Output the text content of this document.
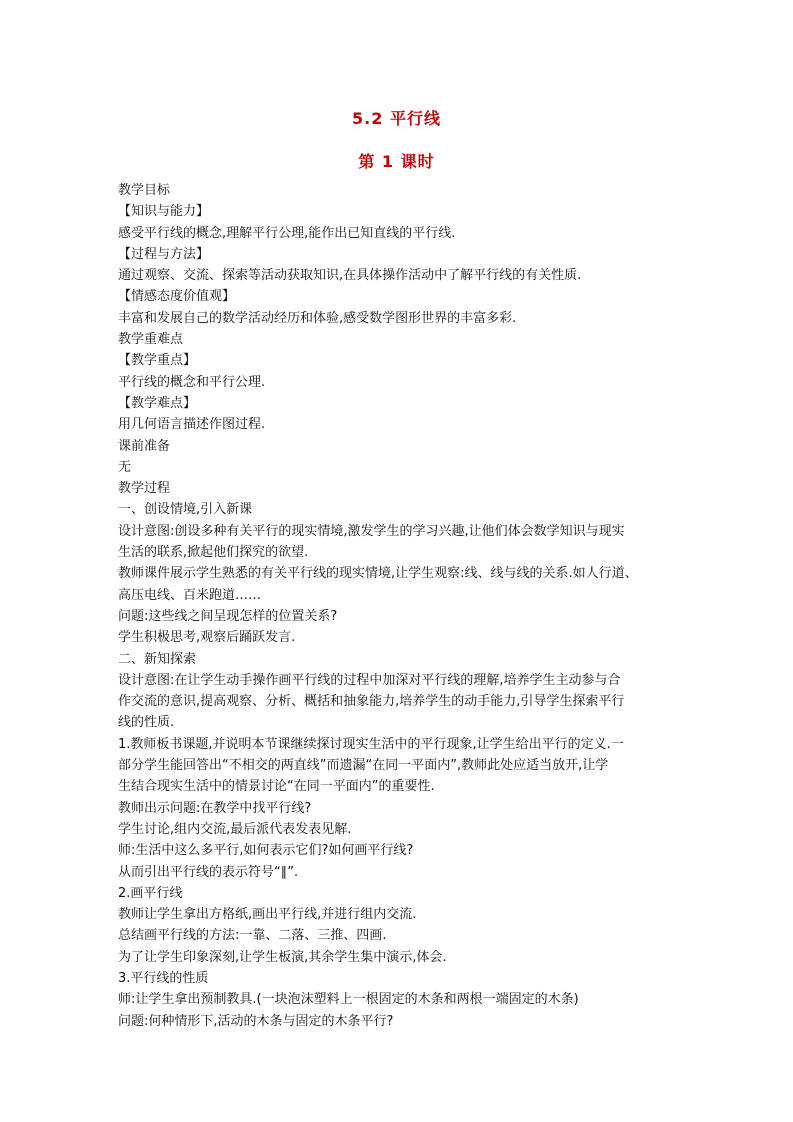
5.2 平行线
第 1 课时
教学目标
【知识与能力】
感受平行线的概念,理解平行公理,能作出已知直线的平行线.
【过程与方法】
通过观察、交流、探索等活动获取知识,在具体操作活动中了解平行线的有关性质.
【情感态度价值观】
丰富和发展自己的数学活动经历和体验,感受数学图形世界的丰富多彩.
教学重难点
【教学重点】
平行线的概念和平行公理.
【教学难点】
用几何语言描述作图过程.
课前准备
无
教学过程
一、创设情境,引入新课
设计意图:创设多种有关平行的现实情境,激发学生的学习兴趣,让他们体会数学知识与现实
生活的联系,掀起他们探究的欲望.
教师课件展示学生熟悉的有关平行线的现实情境,让学生观察:线、线与线的关系.如人行道、
高压电线、百米跑道……
问题:这些线之间呈现怎样的位置关系?
学生积极思考,观察后踊跃发言.
二、新知探索
设计意图:在让学生动手操作画平行线的过程中加深对平行线的理解,培养学生主动参与合
作交流的意识,提高观察、分析、概括和抽象能力,培养学生的动手能力,引导学生探索平行
线的性质.
1.教师板书课题,并说明本节课继续探讨现实生活中的平行现象,让学生给出平行的定义.一
部分学生能回答出“不相交的两直线”而遗漏“在同一平面内”,教师此处应适当放开,让学
生结合现实生活中的情景讨论“在同一平面内”的重要性.
教师出示问题:在教学中找平行线?
学生讨论,组内交流,最后派代表发表见解.
师:生活中这么多平行,如何表示它们?如何画平行线?
从而引出平行线的表示符号“∥”.
2.画平行线
教师让学生拿出方格纸,画出平行线,并进行组内交流.
总结画平行线的方法:一靠、二落、三推、四画.
为了让学生印象深刻,让学生板演,其余学生集中演示,体会.
3.平行线的性质
师:让学生拿出预制教具.(一块泡沫塑料上一根固定的木条和两根一端固定的木条)
问题:何种情形下,活动的木条与固定的木条平行?
